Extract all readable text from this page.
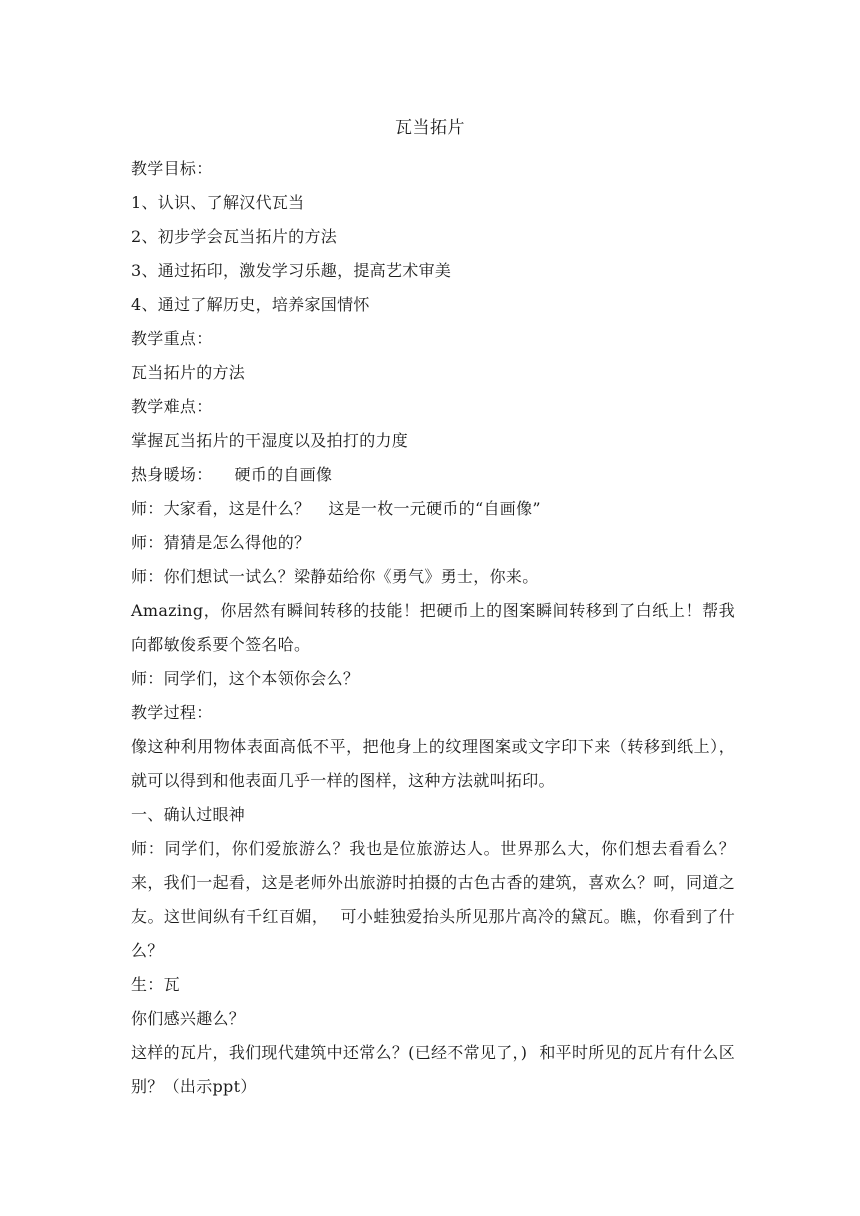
瓦当拓片
教学目标：
1、认识、了解汉代瓦当
2、初步学会瓦当拓片的方法
3、通过拓印，激发学习乐趣，提高艺术审美
4、通过了解历史，培养家国情怀
教学重点：
瓦当拓片的方法
教学难点：
掌握瓦当拓片的干湿度以及拍打的力度
热身暖场： 硬币的自画像
师：大家看，这是什么？ 这是一枚一元硬币的“自画像”
师：猜猜是怎么得他的？
师：你们想试一试么？梁静茹给你《勇气》勇士，你来。
Amazing，你居然有瞬间转移的技能！把硬币上的图案瞬间转移到了白纸上！帮我向都敏俊系要个签名哈。
师：同学们，这个本领你会么？
教学过程：
像这种利用物体表面高低不平，把他身上的纹理图案或文字印下来（转移到纸上），就可以得到和他表面几乎一样的图样，这种方法就叫拓印。
一、确认过眼神
师：同学们，你们爱旅游么？我也是位旅游达人。世界那么大，你们想去看看么？来，我们一起看，这是老师外出旅游时拍摄的古色古香的建筑，喜欢么？呵，同道之友。这世间纵有千红百媚， 可小蛙独爱抬头所见那片高冷的黛瓦。瞧，你看到了什么？
生：瓦
你们感兴趣么？
这样的瓦片，我们现代建筑中还常么？(已经不常见了，) 和平时所见的瓦片有什么区别？（出示ppt）
